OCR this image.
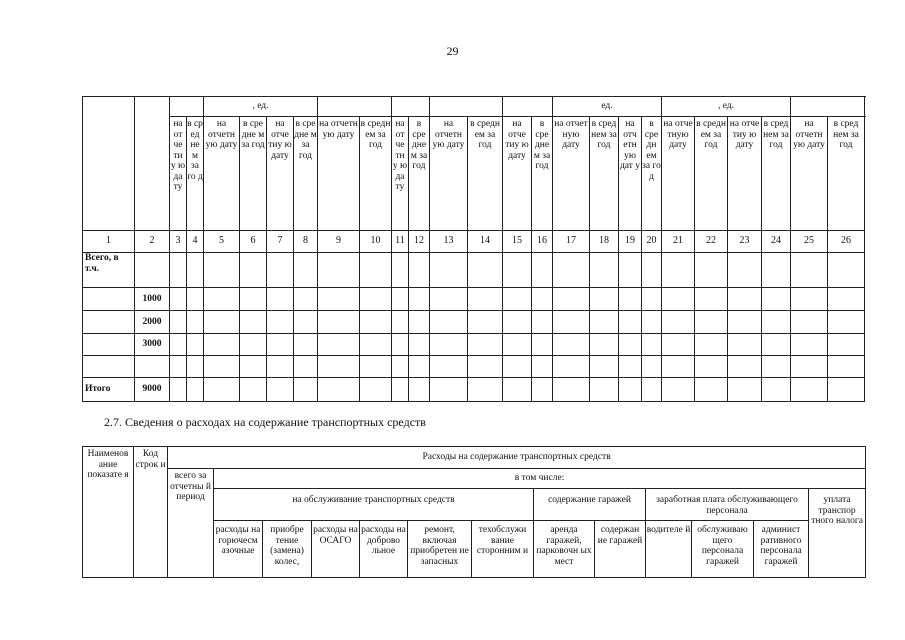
29
				, ед.												ед.				, ед.		
		на от че ти у ю да ту	в ср ед не м за го д	на отчетн ую дату	в сре дне м за год	на отче тиу ю дату	в сре дне м за год	на отчетн ую дату	в средн ем за год	на от че тн у ю да ту	в сре дне м за год	на отчетн ую дату	в средн ем за год	на отче тиу ю дату	в сре дне м за год	на отчет ную дату	в сред нем за год	на отч етн ую дат у	в сре дн ем за го д	на отче тную дату	в средн ем за год	на отче тиу ю дату	в сред нем за год	на отчетн ую дату	в сред нем за год	
1	2	3	4	5	6	7	8	9	10	11	12	13	14	15	16	17	18	19	20	21	22	23	24	25	26	
Всего, в т.ч.																										
	1000																									
	2000																									
	3000																									

Итого	9000																									
2.7. Сведения о расходах на содержание транспортных средств
Наименов ание показате я	Код строк и	Расходы на содержание транспортных средств												
		всего за отчетны й период	в том числе:											
			на обслуживание транспортных средств						содержание гаражей		заработная плата обслуживающего персонала			уплата транспор тного налога
			расходы на горючесм азочные	приобре тение (замена) колес,	расходы на ОСАГО	расходы на доброво льное	ремонт, включая приобретен ие запасных	техобслужи вание сторонним и	аренда гаражей, парковочн ых мест	содержан ие гаражей	водителе й	обслуживаю щего персонала гаражей	админист ративного персонала гаражей	
